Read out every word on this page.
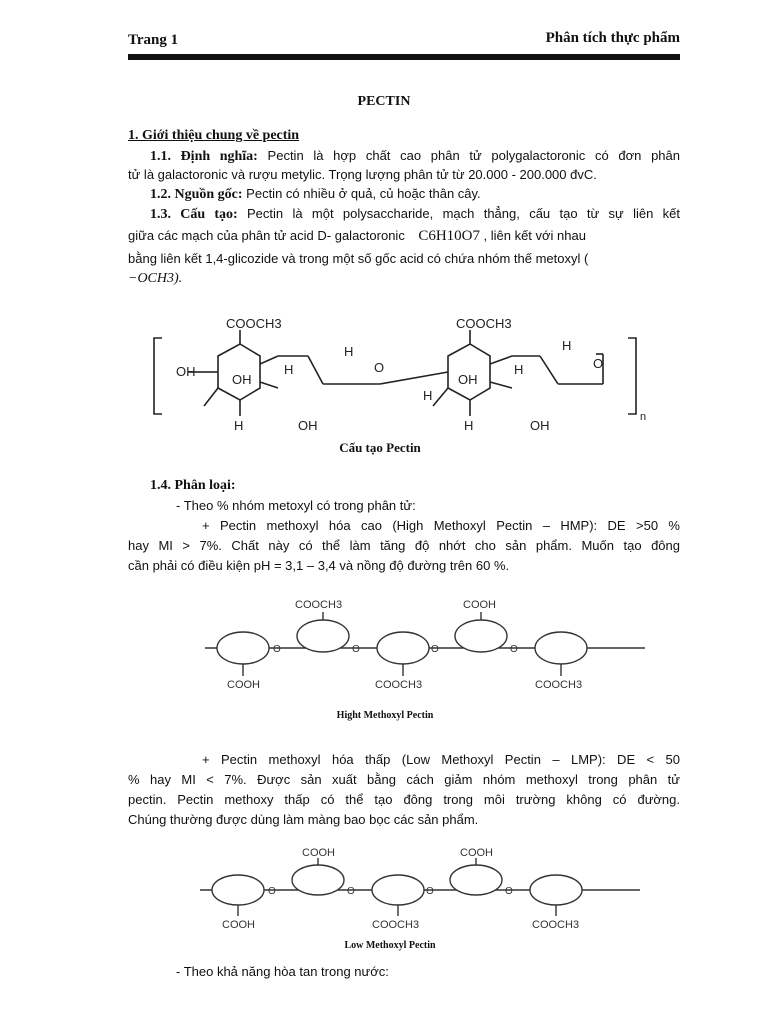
Trang 1	Phân tích thực phẩm
PECTIN
1. Giới thiệu chung về pectin
1.1. Định nghĩa: Pectin là hợp chất cao phân tử polygalactoronic có đơn phân
tử là galactoronic và rượu metylic. Trọng lượng phân tử từ 20.000 - 200.000 đvC.
1.2. Nguồn gốc: Pectin có nhiều ở quả, củ hoặc thân cây.
1.3. Cấu tạo: Pectin là một polysaccharide, mạch thẳng, cấu tạo từ sự liên kết
giữa các mạch của phân tử acid D- galactoronic C6H10O7 , liên kết với nhau
bằng liên kết 1,4-glicozide và trong một số gốc acid có chứa nhóm thế metoxyl (
−OCH3).
COOCH3	COOCH3
OH
OH
H
H	OH
H
O
H
OH
H
H
O
H	OH
n
Cấu tạo Pectin
1.4. Phân loại:
- Theo % nhóm metoxyl có trong phân tử:
+ Pectin methoxyl hóa cao (High Methoxyl Pectin – HMP): DE >50 %
hay MI > 7%. Chất này có thể làm tăng độ nhớt cho sản phẩm. Muốn tạo đông
cần phải có điều kiện pH = 3,1 – 3,4 và nồng độ đường trên 60 %.
COOCH3	COOH
COOH	COOCH3	COOCH3
O	O	O	O
Hight Methoxyl Pectin
+ Pectin methoxyl hóa thấp (Low Methoxyl Pectin – LMP): DE < 50
% hay MI < 7%. Được sản xuất bằng cách giảm nhóm methoxyl trong phân tử
pectin. Pectin methoxy thấp có thể tạo đông trong môi trường không có đường.
Chúng thường được dùng làm màng bao bọc các sản phẩm.
COOH	COOH
COOH	COOCH3	COOCH3
O	O	O	O
Low Methoxyl Pectin
- Theo khả năng hòa tan trong nước:
